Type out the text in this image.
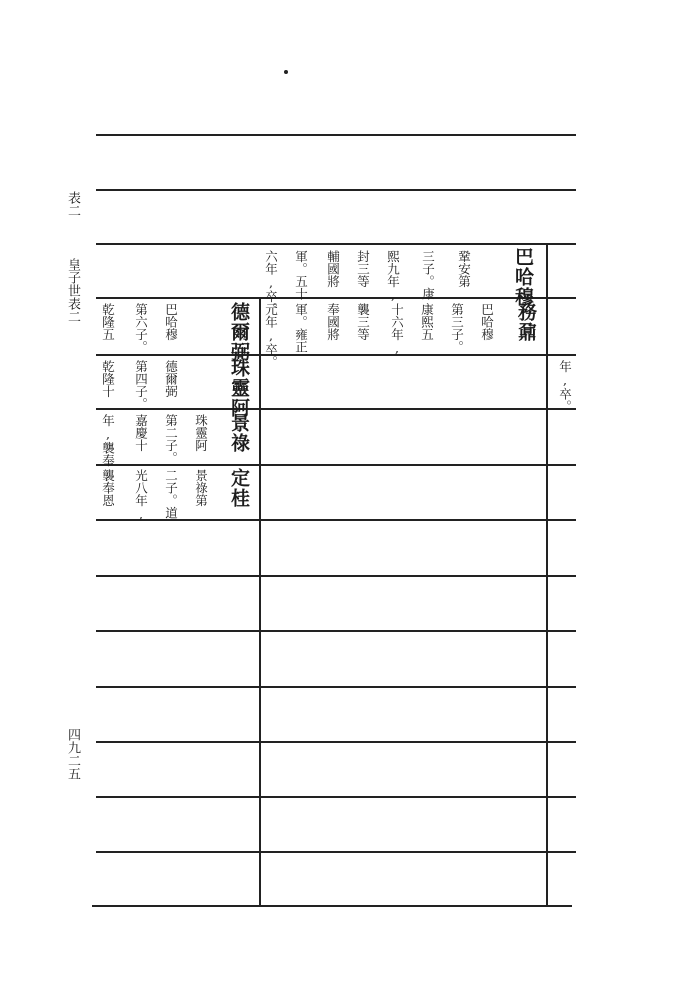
表二
皇子世表二
四九二五
巴哈穆
鞏安第
三子。康
熙九年,
封三等
輔國將
軍。五十
六年,卒。
務鼐
巴哈穆
第三子。
康熙五
十六年,
襲三等
奉國將
軍。雍正
元年,卒。
德爾弼
巴哈穆
第六子。
乾隆五
珠靈阿
德爾弼
第四子。
乾隆十
景祿
珠靈阿
第二子。
嘉慶十
年,襲奉
定桂
景祿第
二子。道
光八年,
襲奉恩
年,卒。
